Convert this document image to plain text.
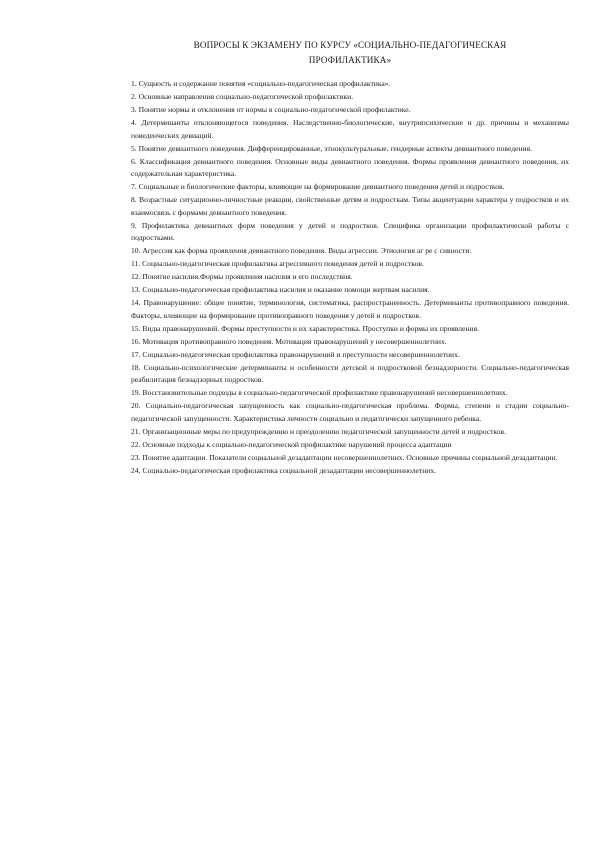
ВОПРОСЫ К ЭКЗАМЕНУ ПО КУРСУ «СОЦИАЛЬНО-ПЕДАГОГИЧЕСКАЯ
ПРОФИЛАКТИКА»
1. Сущность и содержание понятия «социально-педагогическая профилактика».
2. Основные направления социально-педагогической профилактики.
3. Понятие нормы и отклонения от нормы в социально-педагогической профилактике.
4. Детерминанты отклоняющегося поведения. Наследственно-биологические, внутрипсихические и др. причины и механизмы поведенческих девиаций.
5. Понятие девиантного поведения. Дифференцированные, этнокультуральные. гендерные аспекты девиантного поведения.
6. Классификация девиантного поведения. Основные виды девиантного поведения. Формы проявления девиантного поведения, их содержательная характеристика.
7. Социальные и биологические факторы, влияющие на формирование девиантного поведения детей и подростков.
8. Возрастные ситуационно-личностные реакции, свойственные детям и подросткам. Типы акцентуации характера у подростков и их взаимосвязь с формами девиантного поведения.
9. Профилактика девиантных форм поведения у детей и подростков. Специфика организации профилактической работы с подростками.
10. Агрессия как форма проявления девиантного поведения. Виды агрессии. Этиология аг ре с сивности.
11. Социально-педагогическая профилактика агрессивного поведения детей и подростков.
12. Понятие насилия.Формы проявления насилия и его последствия.
13. Социально-педагогическая профилактика насилия и оказание помощи жертвам насилия.
14. Правонарушение: общее понятие, терминология, систематика, распространенность. Детерминанты противоправного поведения. Факторы, влияющие на формирование противоправного поведения у детей и подростков.
15. Виды правонарушений. Формы преступности и их характеристика. Проступки и формы их проявления.
16. Мотивация противоправного поведения. Мотивация правонарушений у несовершеннолетних.
17. Социально-педагогическая профилактика правонарушений и преступности несовершеннолетних.
18. Социально-психологические детерминанты и особенности детской и подростковой безнадзорности. Социально-педагогическая реабилитация безнадзорных подростков.
19. Восстановительные подходы в социально-педагогической профилактике правонарушений несовершеннолетних.
20. Социально-педагогическая запущенность как социально-педагогическая проблема. Формы, степени и стадии социально-педагогической запущенности. Характеристика личности социально и педагогически запущенного ребенка.
21. Организационные меры по предупреждению и преодолению педагогической запущенности детей и подростков.
22. Основные подходы к социально-педагогической профилактике нарушений процесса адаптации
23. Понятие адаптации. Показатели социальной дезадаптации несовершеннолетних. Основные причины социальной дезадаптации.
24. Социально-педагогическая профилактика социальной дезадаптации несовершеннолетних.
